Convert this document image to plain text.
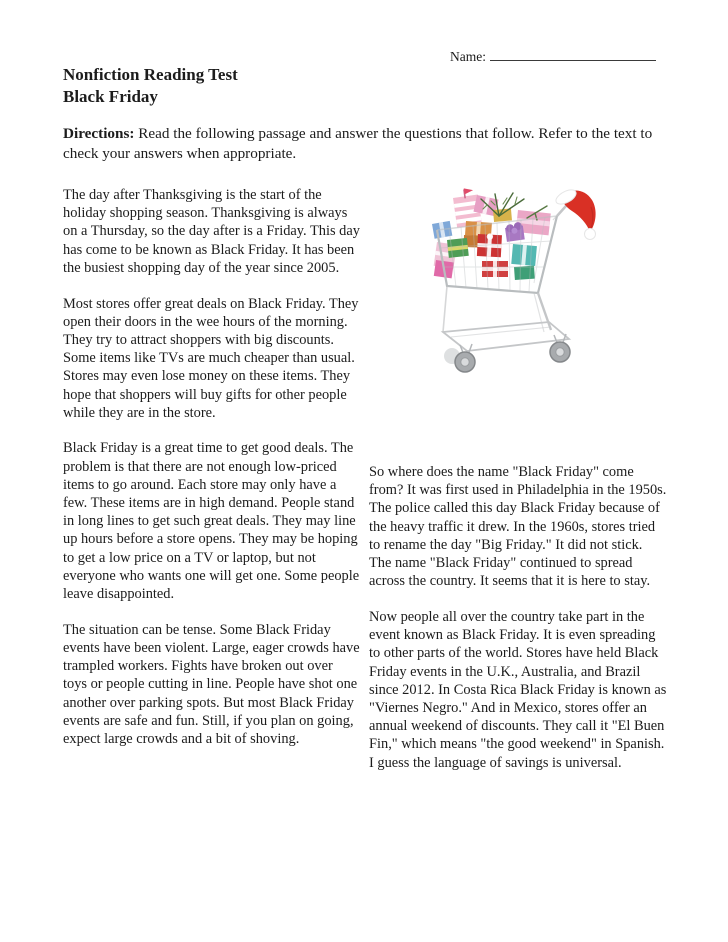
Name:
Nonfiction Reading Test
Black Friday

Directions: Read the following passage and answer the questions that follow. Refer to the text to check your answers when appropriate.

The day after Thanksgiving is the start of the holiday shopping season. Thanksgiving is always on a Thursday, so the day after is a Friday. This day has come to be known as Black Friday. It has been the busiest shopping day of the year since 2005.

Most stores offer great deals on Black Friday. They open their doors in the wee hours of the morning. They try to attract shoppers with big discounts. Some items like TVs are much cheaper than usual. Stores may even lose money on these items. They hope that shoppers will buy gifts for other people while they are in the store.

Black Friday is a great time to get good deals. The problem is that there are not enough low-priced items to go around. Each store may only have a few. These items are in high demand. People stand in long lines to get such great deals. They may line up hours before a store opens. They may be hoping to get a low price on a TV or laptop, but not everyone who wants one will get one. Some people leave disappointed.

The situation can be tense. Some Black Friday events have been violent. Large, eager crowds have trampled workers. Fights have broken out over toys or people cutting in line. People have shot one another over parking spots. But most Black Friday events are safe and fun. Still, if you plan on going, expect large crowds and a bit of shoving.

So where does the name "Black Friday" come from? It was first used in Philadelphia in the 1950s. The police called this day Black Friday because of the heavy traffic it drew. In the 1960s, stores tried to rename the day "Big Friday." It did not stick. The name "Black Friday" continued to spread across the country. It seems that it is here to stay.

Now people all over the country take part in the event known as Black Friday. It is even spreading to other parts of the world. Stores have held Black Friday events in the U.K., Australia, and Brazil since 2012. In Costa Rica Black Friday is known as "Viernes Negro." And in Mexico, stores offer an annual weekend of discounts. They call it "El Buen Fin," which means "the good weekend" in Spanish. I guess the language of savings is universal.
